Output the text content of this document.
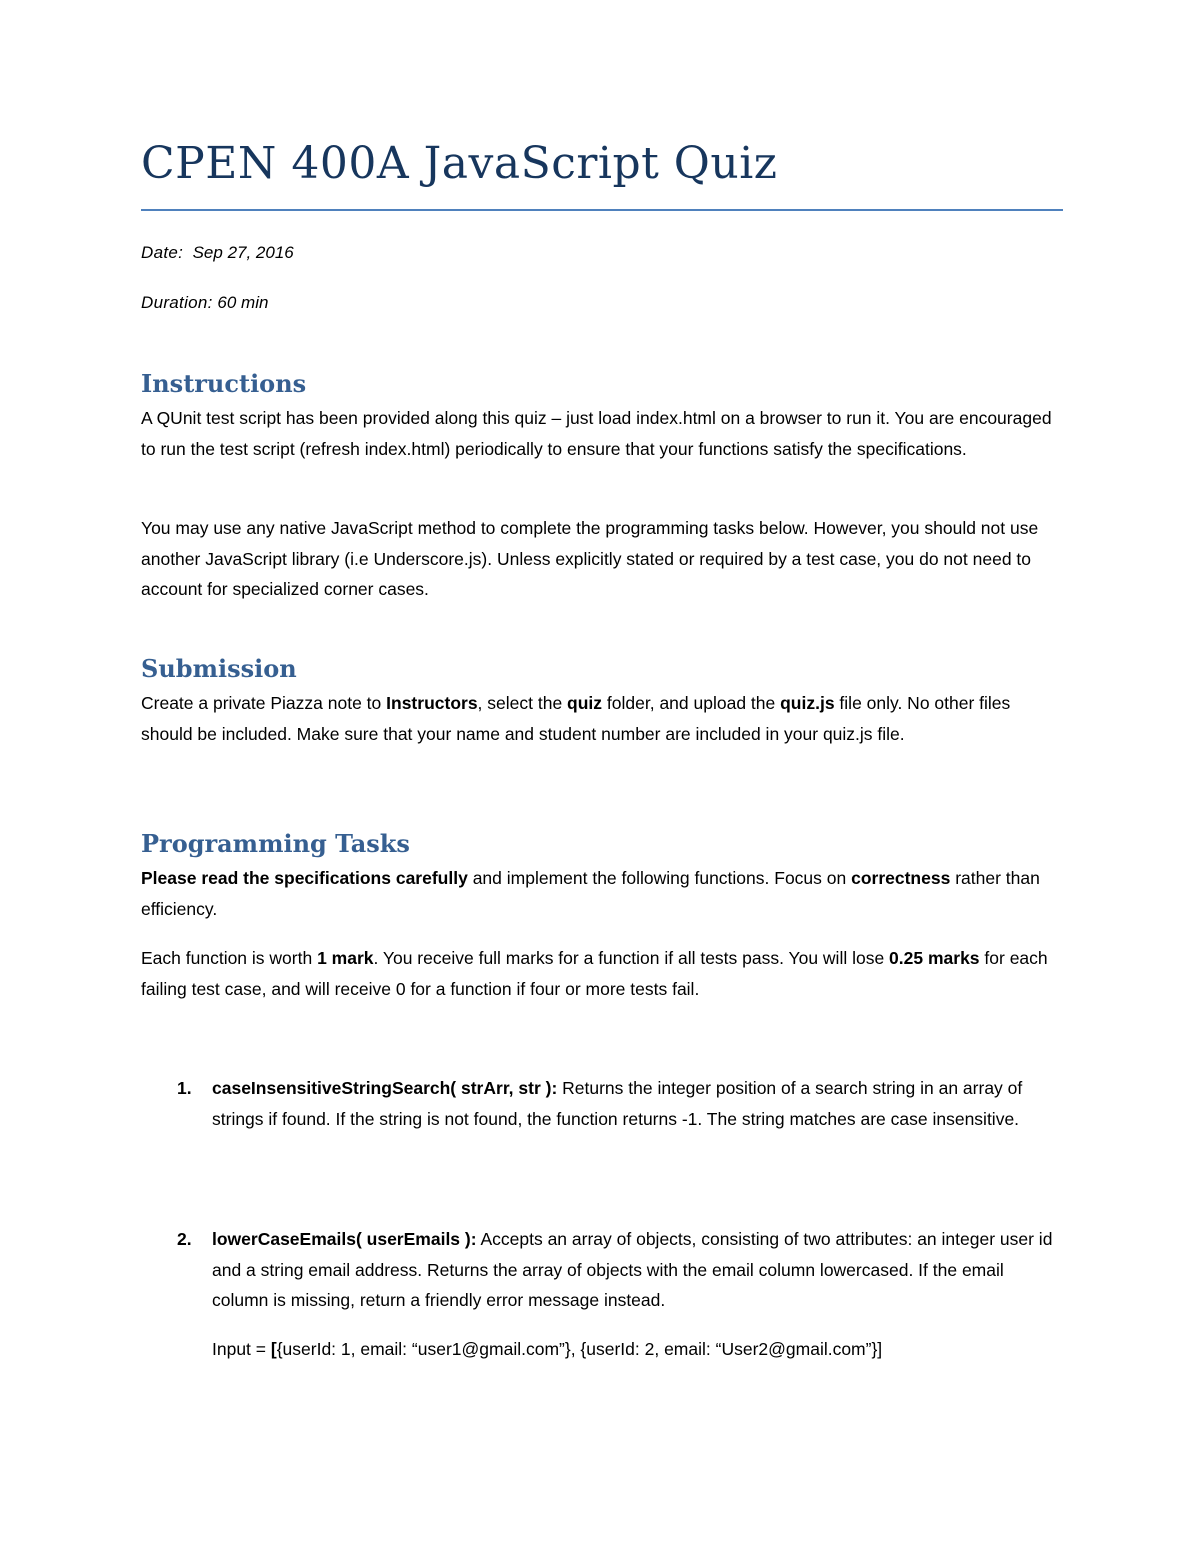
CPEN 400A JavaScript Quiz
Date: Sep 27, 2016
Duration: 60 min
Instructions

A QUnit test script has been provided along this quiz – just load index.html on a browser to run it. You are encouraged to run the test script (refresh index.html) periodically to ensure that your functions satisfy the specifications.

You may use any native JavaScript method to complete the programming tasks below. However, you should not use another JavaScript library (i.e Underscore.js). Unless explicitly stated or required by a test case, you do not need to account for specialized corner cases.

Submission

Create a private Piazza note to Instructors, select the quiz folder, and upload the quiz.js file only. No other files should be included. Make sure that your name and student number are included in your quiz.js file.

Programming Tasks

Please read the specifications carefully and implement the following functions. Focus on correctness rather than efficiency.

Each function is worth 1 mark. You receive full marks for a function if all tests pass. You will lose 0.25 marks for each failing test case, and will receive 0 for a function if four or more tests fail.

1. caseInsensitiveStringSearch( strArr, str ): Returns the integer position of a search string in an array of strings if found. If the string is not found, the function returns -1. The string matches are case insensitive.
2. lowerCaseEmails( userEmails ): Accepts an array of objects, consisting of two attributes: an integer user id and a string email address. Returns the array of objects with the email column lowercased. If the email column is missing, return a friendly error message instead.
Input = [{userId: 1, email: “user1@gmail.com”}, {userId: 2, email: “User2@gmail.com”}]
